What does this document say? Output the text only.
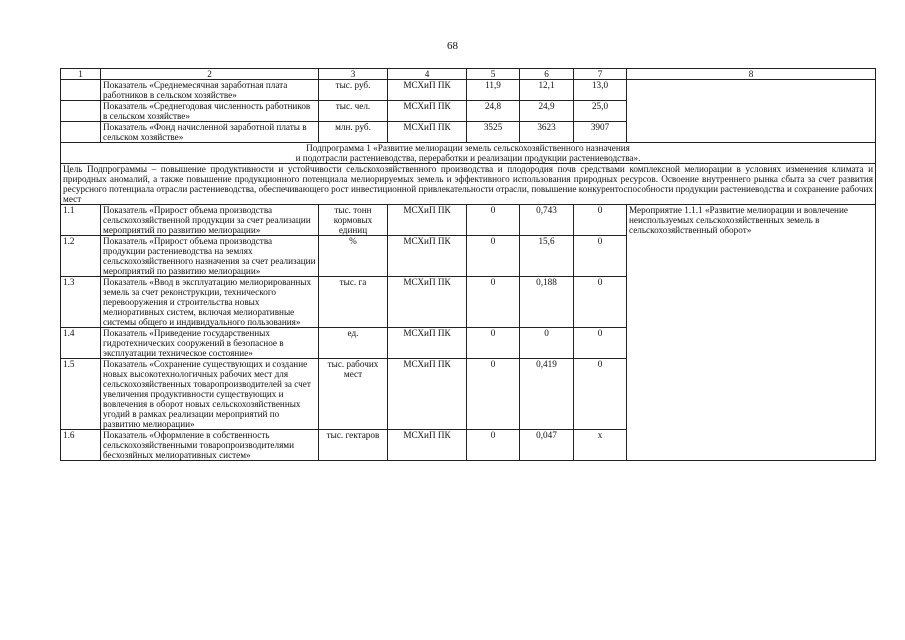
68
1	2	3	4	5	6	7	8
	Показатель «Среднемесячная заработная плата работников в сельском хозяйстве»	тыс. руб.	МСХиП ПК	11,9	12,1	13,0	
	Показатель «Среднегодовая численность работников в сельском хозяйстве»	тыс. чел.	МСХиП ПК	24,8	24,9	25,0	
	Показатель «Фонд начисленной заработной платы в сельском хозяйстве»	млн. руб.	МСХиП ПК	3525	3623	3907	

Подпрограмма 1 «Развитие мелиорации земель сельскохозяйственного назначения
и подотрасли растениеводства, переработки и реализации продукции растениеводства».							

Цель Подпрограммы – повышение продуктивности и устойчивости сельскохозяйственного производства и плодородия почв средствами комплексной мелиорации в условиях изменения климата и природных аномалий, а также повышение продукционного потенциала мелиорируемых земель и эффективного использования природных ресурсов. Освоение внутреннего рынка сбыта за счет развития ресурсного потенциала отрасли растениеводства, обеспечивающего рост инвестиционной привлекательности отрасли, повышение конкурентоспособности продукции растениеводства и сохранение рабочих мест							
1.1	Показатель «Прирост объема производства сельскохозяйственной продукции за счет реализации мероприятий по развитию мелиорации»	тыс. тонн кормовых единиц	МСХиП ПК	0	0,743	0	Мероприятие 1.1.1 «Развитие мелиорации и вовлечение неиспользуемых сельскохозяйственных земель в сельскохозяйственный оборот»
1.2	Показатель «Прирост объема производства продукции растениеводства на землях сельскохозяйственного назначения за счет реализации мероприятий по развитию мелиорации»	%	МСХиП ПК	0	15,6	0	
1.3	Показатель «Ввод в эксплуатацию мелиорированных земель за счет реконструкции, технического перевооружения и строительства новых мелиоративных систем, включая мелиоративные системы общего и индивидуального пользования»	тыс. га	МСХиП ПК	0	0,188	0	
1.4	Показатель «Приведение государственных гидротехнических сооружений в безопасное в эксплуатации техническое состояние»	ед.	МСХиП ПК	0	0	0	
1.5	Показатель «Сохранение существующих и создание новых высокотехнологичных рабочих мест для сельскохозяйственных товаропроизводителей за счет увеличения продуктивности существующих и вовлечения в оборот новых сельскохозяйственных угодий в рамках реализации мероприятий по развитию мелиорации»	тыс. рабочих мест	МСХиП ПК	0	0,419	0	
1.6	Показатель «Оформление в собственность сельскохозяйственными товаропроизводителями бесхозяйных мелиоративных систем»	тыс. гектаров	МСХиП ПК	0	0,047	х	
